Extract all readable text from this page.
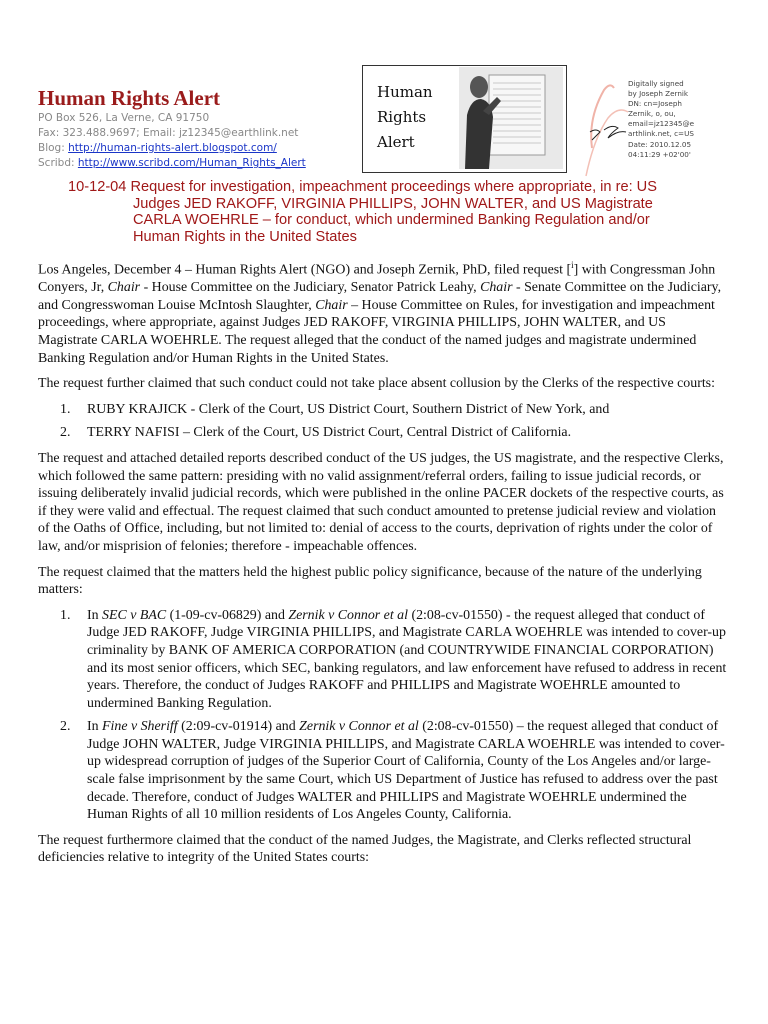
Human Rights Alert
PO Box 526, La Verne, CA 91750
Fax: 323.488.9697; Email: jz12345@earthlink.net
Blog: http://human-rights-alert.blogspot.com/
Scribd: http://www.scribd.com/Human_Rights_Alert
Human
Rights
Alert
Digitally signed
by Joseph Zernik
DN: cn=Joseph
Zernik, o, ou,
email=jz12345@e
arthlink.net, c=US
Date: 2010.12.05
04:11:29 +02'00'
10-12-04 Request for investigation, impeachment proceedings where appropriate, in re: US
Judges JED RAKOFF, VIRGINIA PHILLIPS, JOHN WALTER, and US Magistrate
CARLA WOEHRLE – for conduct, which undermined Banking Regulation and/or
Human Rights in the United States

Los Angeles, December 4 – Human Rights Alert (NGO) and Joseph Zernik, PhD, filed request [$^i$] with Congressman John Conyers, Jr, Chair - House Committee on the Judiciary, Senator Patrick Leahy, Chair - Senate Committee on the Judiciary, and Congresswoman Louise McIntosh Slaughter, Chair – House Committee on Rules, for investigation and impeachment proceedings, where appropriate, against Judges JED RAKOFF, VIRGINIA PHILLIPS, JOHN WALTER, and US Magistrate CARLA WOEHRLE. The request alleged that the conduct of the named judges and magistrate undermined Banking Regulation and/or Human Rights in the United States.

The request further claimed that such conduct could not take place absent collusion by the Clerks of the respective courts:

1. RUBY KRAJICK - Clerk of the Court, US District Court, Southern District of New York, and
2. TERRY NAFISI – Clerk of the Court, US District Court, Central District of California.

The request and attached detailed reports described conduct of the US judges, the US magistrate, and the respective Clerks, which followed the same pattern: presiding with no valid assignment/referral orders, failing to issue judicial records, or issuing deliberately invalid judicial records, which were published in the online PACER dockets of the respective courts, as if they were valid and effectual. The request claimed that such conduct amounted to pretense judicial review and violation of the Oaths of Office, including, but not limited to: denial of access to the courts, deprivation of rights under the color of law, and/or misprision of felonies; therefore - impeachable offences.

The request claimed that the matters held the highest public policy significance, because of the nature of the underlying matters:

1. In SEC v BAC (1-09-cv-06829) and Zernik v Connor et al (2:08-cv-01550) - the request alleged that conduct of Judge JED RAKOFF, Judge VIRGINIA PHILLIPS, and Magistrate CARLA WOEHRLE was intended to cover-up criminality by BANK OF AMERICA CORPORATION (and COUNTRYWIDE FINANCIAL CORPORATION) and its most senior officers, which SEC, banking regulators, and law enforcement have refused to address in recent years. Therefore, the conduct of Judges RAKOFF and PHILLIPS and Magistrate WOEHRLE amounted to undermined Banking Regulation.
2. In Fine v Sheriff (2:09-cv-01914) and Zernik v Connor et al (2:08-cv-01550) – the request alleged that conduct of Judge JOHN WALTER, Judge VIRGINIA PHILLIPS, and Magistrate CARLA WOEHRLE was intended to cover-up widespread corruption of judges of the Superior Court of California, County of the Los Angeles and/or large-scale false imprisonment by the same Court, which US Department of Justice has refused to address over the past decade. Therefore, conduct of Judges WALTER and PHILLIPS and Magistrate WOEHRLE undermined the Human Rights of all 10 million residents of Los Angeles County, California.

The request furthermore claimed that the conduct of the named Judges, the Magistrate, and Clerks reflected structural deficiencies relative to integrity of the United States courts:
